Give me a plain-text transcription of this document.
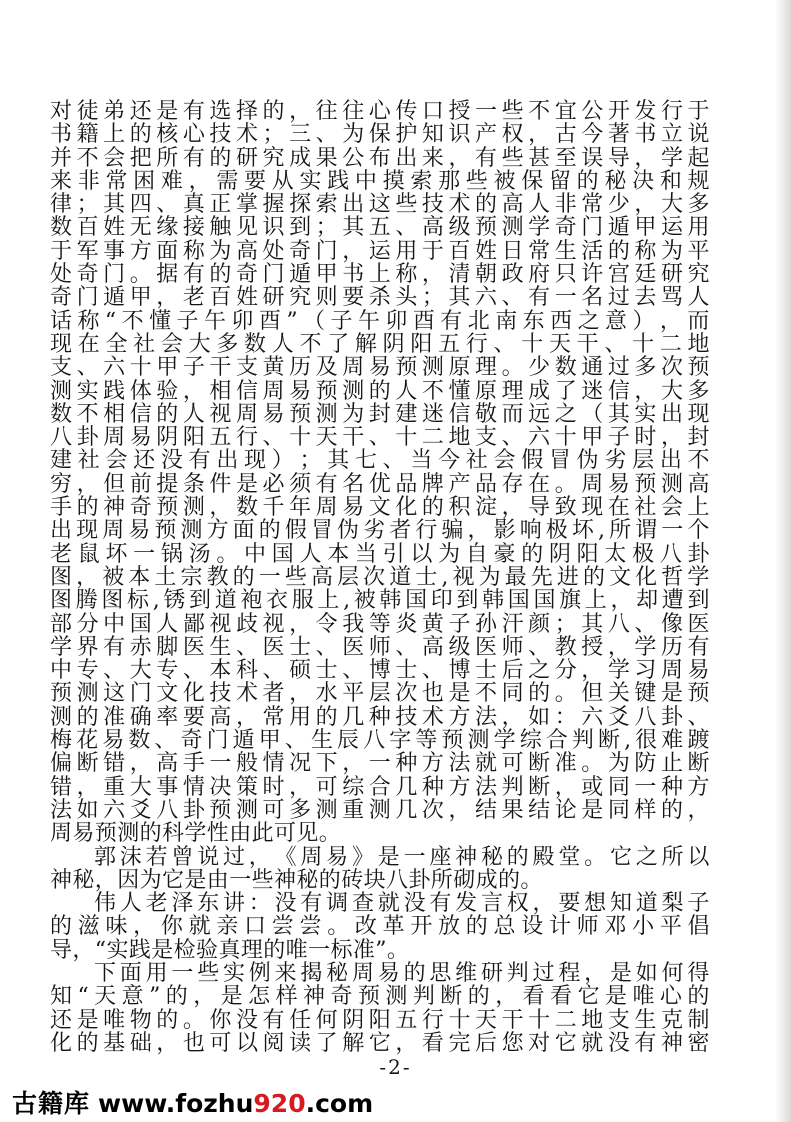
对 徒 弟 还 是 有 选 择 的 ， 往 往 心 传 口 授 一 些 不 宜 公 开 发 行 于
书 籍 上 的 核 心 技 术 ； 三 、 为 保 护 知 识 产 权 ， 古 今 著 书 立 说
并 不 会 把 所 有 的 研 究 成 果 公 布 出 来 ， 有 些 甚 至 误 导 ， 学 起
来 非 常 困 难 ， 需 要 从 实 践 中 摸 索 那 些 被 保 留 的 秘 决 和 规
律 ； 其 四 、 真 正 掌 握 探 索 出 这 些 技 术 的 高 人 非 常 少 ， 大 多
数 百 姓 无 缘 接 触 见 识 到 ； 其 五 、 高 级 预 测 学 奇 门 遁 甲 运 用
于 军 事 方 面 称 为 高 处 奇 门 ， 运 用 于 百 姓 日 常 生 活 的 称 为 平
处 奇 门 。 据 有 的 奇 门 遁 甲 书 上 称 ， 清 朝 政 府 只 许 宫 廷 研 究
奇 门 遁 甲 ， 老 百 姓 研 究 则 要 杀 头 ； 其 六 、 有 一 名 过 去 骂 人
话 称 “ 不 懂 子 午 卯 酉 ” （ 子 午 卯 酉 有 北 南 东 西 之 意 ） ， 而
现 在 全 社 会 大 多 数 人 不 了 解 阴 阳 五 行 、 十 天 干 、 十 二 地
支 、 六 十 甲 子 干 支 黄 历 及 周 易 预 测 原 理 。 少 数 通 过 多 次 预
测 实 践 体 验 ， 相 信 周 易 预 测 的 人 不 懂 原 理 成 了 迷 信 ， 大 多
数 不 相 信 的 人 视 周 易 预 测 为 封 建 迷 信 敬 而 远 之 （ 其 实 出 现
八 卦 周 易 阴 阳 五 行 、 十 天 干 、 十 二 地 支 、 六 十 甲 子 时 ， 封
建 社 会 还 没 有 出 现 ） ； 其 七 、 当 今 社 会 假 冒 伪 劣 层 出 不
穷 ， 但 前 提 条 件 是 必 须 有 名 优 品 牌 产 品 存 在 。 周 易 预 测 高
手 的 神 奇 预 测 ， 数 千 年 周 易 文 化 的 积 淀 ， 导 致 现 在 社 会 上
出 现 周 易 预 测 方 面 的 假 冒 伪 劣 者 行 骗 ， 影 响 极 坏 , 所 谓 一 个
老 鼠 坏 一 锅 汤 。 中 国 人 本 当 引 以 为 自 豪 的 阴 阳 太 极 八 卦
图 ， 被 本 土 宗 教 的 一 些 高 层 次 道 士 , 视 为 最 先 进 的 文 化 哲 学
图 腾 图 标 , 锈 到 道 袍 衣 服 上 , 被 韩 国 印 到 韩 国 国 旗 上 ， 却 遭 到
部 分 中 国 人 鄙 视 歧 视 ， 令 我 等 炎 黄 子 孙 汗 颜 ； 其 八 、 像 医
学 界 有 赤 脚 医 生 、 医 士 、 医 师 、 高 级 医 师 、 教 授 ， 学 历 有
中 专 、 大 专 、 本 科 、 硕 士 、 博 士 、 博 士 后 之 分 ， 学 习 周 易
预 测 这 门 文 化 技 术 者 ， 水 平 层 次 也 是 不 同 的 。 但 关 键 是 预
测 的 准 确 率 要 高 ， 常 用 的 几 种 技 术 方 法 ， 如 ： 六 爻 八 卦 、
梅 花 易 数 、 奇 门 遁 甲 、 生 辰 八 字 等 预 测 学 综 合 判 断 , 很 难 踱
偏 断 错 ， 高 手 一 般 情 况 下 ， 一 种 方 法 就 可 断 准 。 为 防 止 断
错 ， 重 大 事 情 决 策 时 ， 可 综 合 几 种 方 法 判 断 ， 或 同 一 种 方
法 如 六 爻 八 卦 预 测 可 多 测 重 测 几 次 ， 结 果 结 论 是 同 样 的 ，
周易预测的科学性由此可见。
郭 沫 若 曾 说 过 ， 《 周 易 》 是 一 座 神 秘 的 殿 堂 。 它 之 所 以
神秘，因为它是由一些神秘的砖块八卦所砌成的。
伟 人 老 泽 东 讲 ： 没 有 调 查 就 没 有 发 言 权 ， 要 想 知 道 梨 子
的 滋 味 ， 你 就 亲 口 尝 尝 。 改 革 开 放 的 总 设 计 师 邓 小 平 倡
导，“实践是检验真理的唯一标准”。
下 面 用 一 些 实 例 来 揭 秘 周 易 的 思 维 研 判 过 程 ， 是 如 何 得
知 “ 天 意 ” 的 ， 是 怎 样 神 奇 预 测 判 断 的 ， 看 看 它 是 唯 心 的
还 是 唯 物 的 。 你 没 有 任 何 阴 阳 五 行 十 天 干 十 二 地 支 生 克 制
化 的 基 础 ， 也 可 以 阅 读 了 解 它 ， 看 完 后 您 对 它 就 没 有 神 密
-2-
古籍库 www.fozhu920.com
